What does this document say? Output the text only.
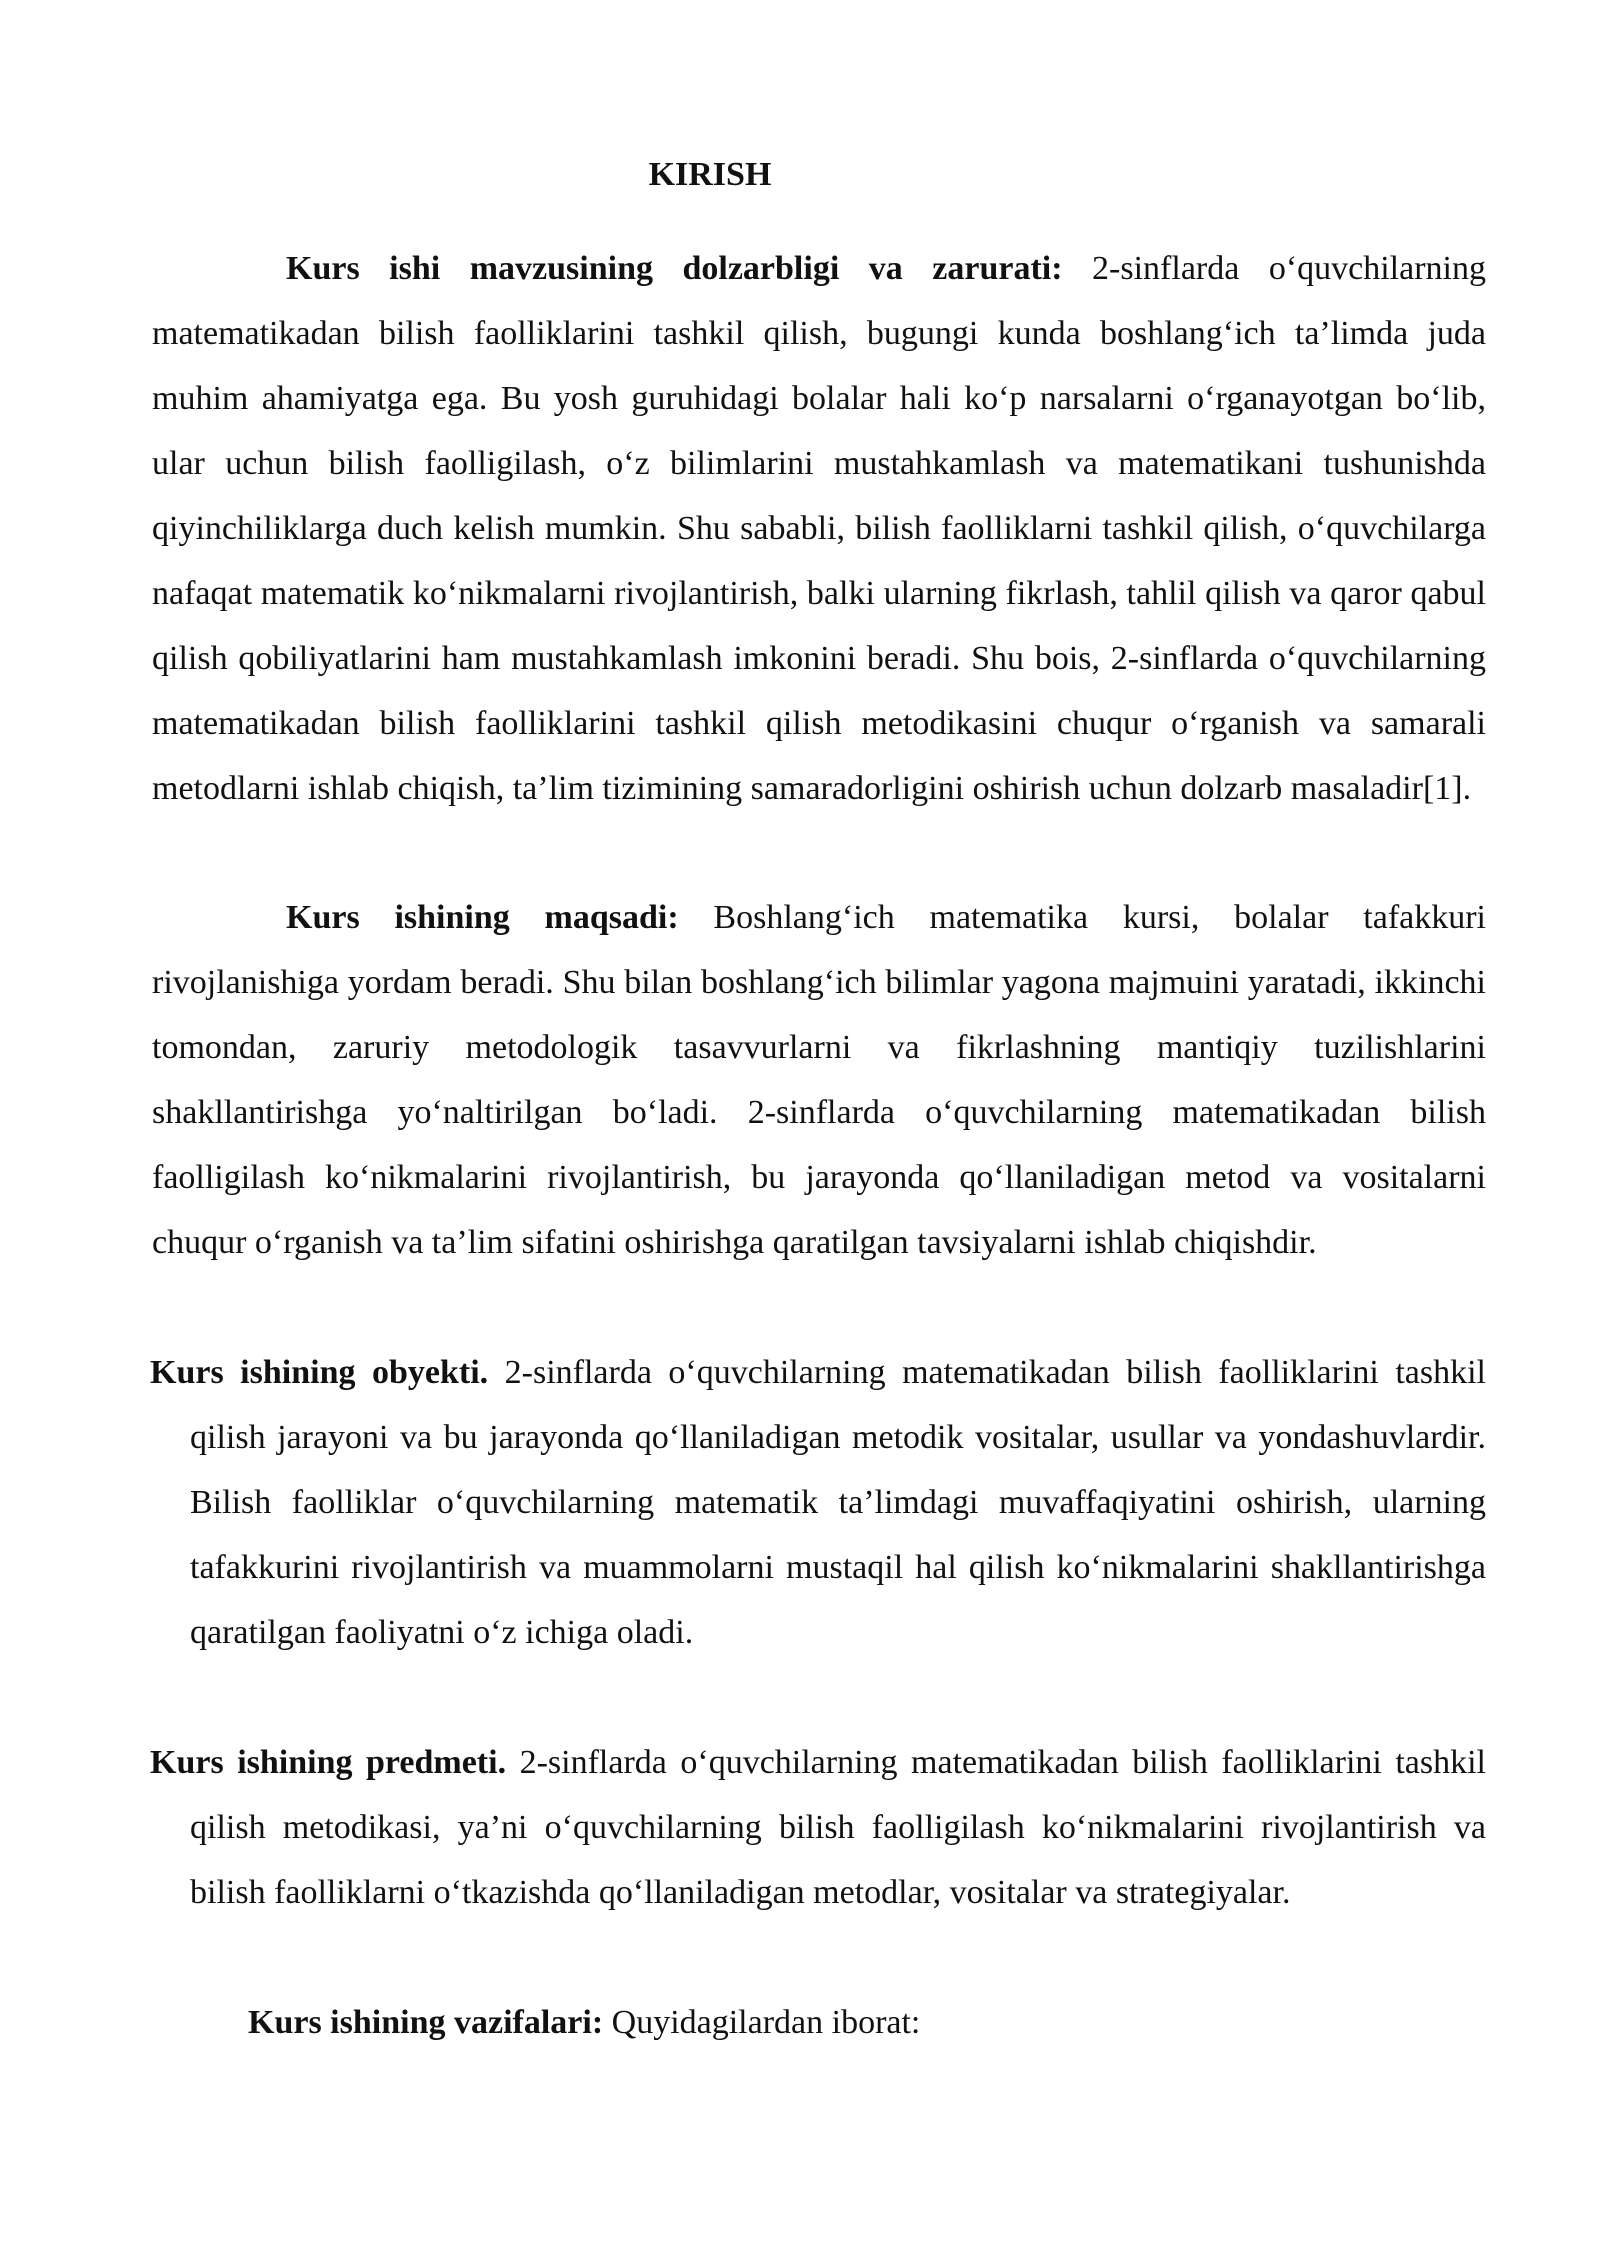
KIRISH

Kurs ishi mavzusining dolzarbligi va zarurati: 2-sinflarda oʻquvchilarning matematikadan bilish faolliklarini tashkil qilish, bugungi kunda boshlangʻich ta’limda juda muhim ahamiyatga ega. Bu yosh guruhidagi bolalar hali koʻp narsalarni oʻrganayotgan boʻlib, ular uchun bilish faolligilash, oʻz bilimlarini mustahkamlash va matematikani tushunishda qiyinchiliklarga duch kelish mumkin. Shu sababli, bilish faolliklarni tashkil qilish, oʻquvchilarga nafaqat matematik koʻnikmalarni rivojlantirish, balki ularning fikrlash, tahlil qilish va qaror qabul qilish qobiliyatlarini ham mustahkamlash imkonini beradi. Shu bois, 2-sinflarda oʻquvchilarning matematikadan bilish faolliklarini tashkil qilish metodikasini chuqur oʻrganish va samarali metodlarni ishlab chiqish, ta’lim tizimining samaradorligini oshirish uchun dolzarb masaladir[1].

Kurs ishining maqsadi: Boshlangʻich matematika kursi, bolalar tafakkuri rivojlanishiga yordam beradi. Shu bilan boshlangʻich bilimlar yagona majmuini yaratadi, ikkinchi tomondan, zaruriy metodologik tasavvurlarni va fikrlashning mantiqiy tuzilishlarini shakllantirishga yoʻnaltirilgan boʻladi. 2-sinflarda oʻquvchilarning matematikadan bilish faolligilash koʻnikmalarini rivojlantirish, bu jarayonda qoʻllaniladigan metod va vositalarni chuqur oʻrganish va ta’lim sifatini oshirishga qaratilgan tavsiyalarni ishlab chiqishdir.

Kurs ishining obyekti. 2-sinflarda oʻquvchilarning matematikadan bilish faolliklarini tashkil qilish jarayoni va bu jarayonda qoʻllaniladigan metodik vositalar, usullar va yondashuvlardir. Bilish faolliklar oʻquvchilarning matematik ta’limdagi muvaffaqiyatini oshirish, ularning tafakkurini rivojlantirish va muammolarni mustaqil hal qilish koʻnikmalarini shakllantirishga qaratilgan faoliyatni oʻz ichiga oladi.

Kurs ishining predmeti. 2-sinflarda oʻquvchilarning matematikadan bilish faolliklarini tashkil qilish metodikasi, ya’ni oʻquvchilarning bilish faolligilash koʻnikmalarini rivojlantirish va bilish faolliklarni oʻtkazishda qoʻllaniladigan metodlar, vositalar va strategiyalar.

Kurs ishining vazifalari: Quyidagilardan iborat:
